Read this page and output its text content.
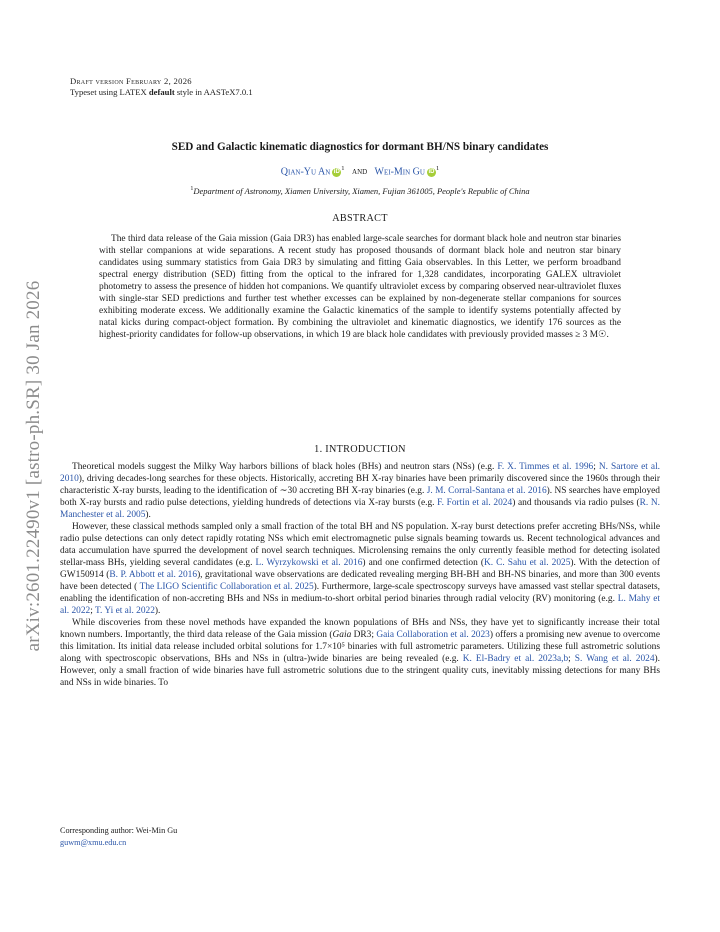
arXiv:2601.22490v1 [astro-ph.SR] 30 Jan 2026
Draft version February 2, 2026
Typeset using LATEX default style in AASTeX7.0.1
SED and Galactic kinematic diagnostics for dormant BH/NS binary candidates
Qian-Yu An $iD^1$ and Wei-Min Gu $iD^1$
$^1$Department of Astronomy, Xiamen University, Xiamen, Fujian 361005, People's Republic of China
ABSTRACT

The third data release of the Gaia mission (Gaia DR3) has enabled large-scale searches for dormant black hole and neutron star binaries with stellar companions at wide separations. A recent study has proposed thousands of dormant black hole and neutron star binary candidates using summary statistics from Gaia DR3 by simulating and fitting Gaia observables. In this Letter, we perform broadband spectral energy distribution (SED) fitting from the optical to the infrared for 1,328 candidates, incorporating GALEX ultraviolet photometry to assess the presence of hidden hot companions. We quantify ultraviolet excess by comparing observed near-ultraviolet fluxes with single-star SED predictions and further test whether excesses can be explained by non-degenerate stellar companions for sources exhibiting moderate excess. We additionally examine the Galactic kinematics of the sample to identify systems potentially affected by natal kicks during compact-object formation. By combining the ultraviolet and kinematic diagnostics, we identify 176 sources as the highest-priority candidates for follow-up observations, in which 19 are black hole candidates with previously provided masses ≥ 3 M☉.

1. INTRODUCTION

Theoretical models suggest the Milky Way harbors billions of black holes (BHs) and neutron stars (NSs) (e.g. F. X. Timmes et al. 1996; N. Sartore et al. 2010), driving decades-long searches for these objects. Historically, accreting BH X-ray binaries have been primarily discovered since the 1960s through their characteristic X-ray bursts, leading to the identification of ∼30 accreting BH X-ray binaries (e.g. J. M. Corral-Santana et al. 2016). NS searches have employed both X-ray bursts and radio pulse detections, yielding hundreds of detections via X-ray bursts (e.g. F. Fortin et al. 2024) and thousands via radio pulses (R. N. Manchester et al. 2005).

However, these classical methods sampled only a small fraction of the total BH and NS population. X-ray burst detections prefer accreting BHs/NSs, while radio pulse detections can only detect rapidly rotating NSs which emit electromagnetic pulse signals beaming towards us. Recent technological advances and data accumulation have spurred the development of novel search techniques. Microlensing remains the only currently feasible method for detecting isolated stellar-mass BHs, yielding several candidates (e.g. L. Wyrzykowski et al. 2016) and one confirmed detection (K. C. Sahu et al. 2025). With the detection of GW150914 (B. P. Abbott et al. 2016), gravitational wave observations are dedicated revealing merging BH-BH and BH-NS binaries, and more than 300 events have been detected ( The LIGO Scientific Collaboration et al. 2025). Furthermore, large-scale spectroscopy surveys have amassed vast stellar spectral datasets, enabling the identification of non-accreting BHs and NSs in medium-to-short orbital period binaries through radial velocity (RV) monitoring (e.g. L. Mahy et al. 2022; T. Yi et al. 2022).

While discoveries from these novel methods have expanded the known populations of BHs and NSs, they have yet to significantly increase their total known numbers. Importantly, the third data release of the Gaia mission (Gaia DR3; Gaia Collaboration et al. 2023) offers a promising new avenue to overcome this limitation. Its initial data release included orbital solutions for 1.7×10⁵ binaries with full astrometric parameters. Utilizing these full astrometric solutions along with spectroscopic observations, BHs and NSs in (ultra-)wide binaries are being revealed (e.g. K. El-Badry et al. 2023a,b; S. Wang et al. 2024). However, only a small fraction of wide binaries have full astrometric solutions due to the stringent quality cuts, inevitably missing detections for many BHs and NSs in wide binaries. To

Corresponding author: Wei-Min Gu
guwm@xmu.edu.cn
